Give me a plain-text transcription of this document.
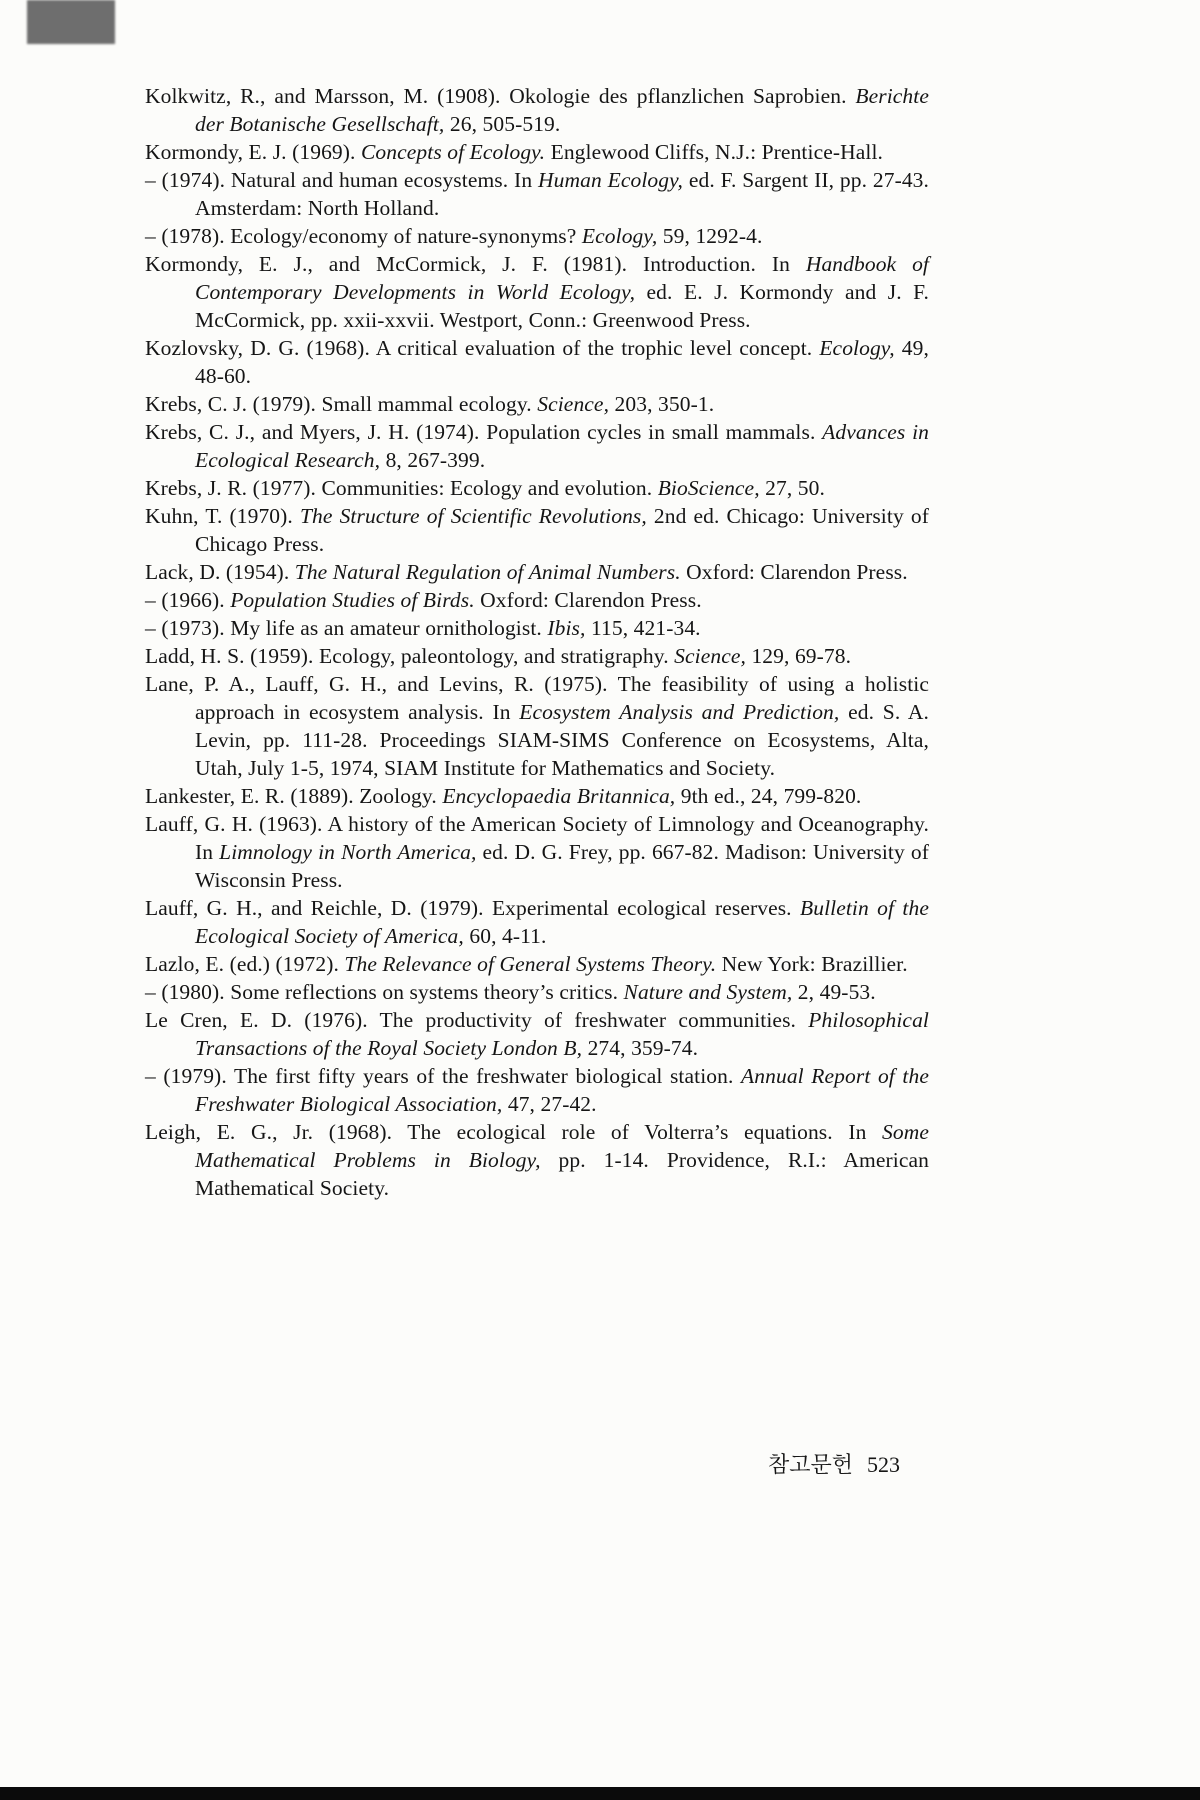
Kolkwitz, R., and Marsson, M. (1908). Okologie des pflanzlichen Saprobien. Berichte der Botanische Gesellschaft, 26, 505-519.

Kormondy, E. J. (1969). Concepts of Ecology. Englewood Cliffs, N.J.: Prentice-Hall.

– (1974). Natural and human ecosystems. In Human Ecology, ed. F. Sargent II, pp. 27-43. Amsterdam: North Holland.

– (1978). Ecology/economy of nature-synonyms? Ecology, 59, 1292-4.

Kormondy, E. J., and McCormick, J. F. (1981). Introduction. In Handbook of Contemporary Developments in World Ecology, ed. E. J. Kormondy and J. F. McCormick, pp. xxii-xxvii. Westport, Conn.: Greenwood Press.

Kozlovsky, D. G. (1968). A critical evaluation of the trophic level concept. Ecology, 49, 48-60.

Krebs, C. J. (1979). Small mammal ecology. Science, 203, 350-1.

Krebs, C. J., and Myers, J. H. (1974). Population cycles in small mammals. Advances in Ecological Research, 8, 267-399.

Krebs, J. R. (1977). Communities: Ecology and evolution. BioScience, 27, 50.

Kuhn, T. (1970). The Structure of Scientific Revolutions, 2nd ed. Chicago: University of Chicago Press.

Lack, D. (1954). The Natural Regulation of Animal Numbers. Oxford: Clarendon Press.

– (1966). Population Studies of Birds. Oxford: Clarendon Press.

– (1973). My life as an amateur ornithologist. Ibis, 115, 421-34.

Ladd, H. S. (1959). Ecology, paleontology, and stratigraphy. Science, 129, 69-78.

Lane, P. A., Lauff, G. H., and Levins, R. (1975). The feasibility of using a holistic approach in ecosystem analysis. In Ecosystem Analysis and Prediction, ed. S. A. Levin, pp. 111-28. Proceedings SIAM-SIMS Conference on Ecosystems, Alta, Utah, July 1-5, 1974, SIAM Institute for Mathematics and Society.

Lankester, E. R. (1889). Zoology. Encyclopaedia Britannica, 9th ed., 24, 799-820.

Lauff, G. H. (1963). A history of the American Society of Limnology and Oceanography. In Limnology in North America, ed. D. G. Frey, pp. 667-82. Madison: University of Wisconsin Press.

Lauff, G. H., and Reichle, D. (1979). Experimental ecological reserves. Bulletin of the Ecological Society of America, 60, 4-11.

Lazlo, E. (ed.) (1972). The Relevance of General Systems Theory. New York: Brazillier.

– (1980). Some reflections on systems theory’s critics. Nature and System, 2, 49-53.

Le Cren, E. D. (1976). The productivity of freshwater communities. Philosophical Transactions of the Royal Society London B, 274, 359-74.

– (1979). The first fifty years of the freshwater biological station. Annual Report of the Freshwater Biological Association, 47, 27-42.

Leigh, E. G., Jr. (1968). The ecological role of Volterra’s equations. In Some Mathematical Problems in Biology, pp. 1-14. Providence, R.I.: American Mathematical Society.

참고문헌 523
